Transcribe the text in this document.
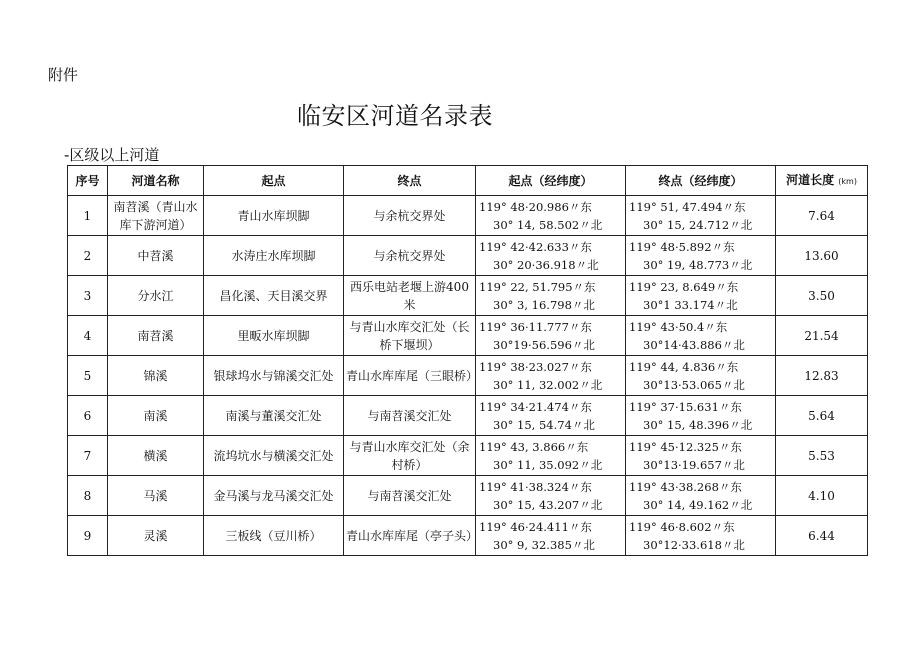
附件
临安区河道名录表
-区级以上河道
序号	河道名称	起点	终点	起点（经纬度）	终点（经纬度）	河道长度 (km)
1	南苕溪（青山水库下游河道）	青山水库坝脚	与余杭交界处	119° 48·20.986〃东
30° 14, 58.502〃北	119° 51, 47.494〃东
30° 15, 24.712〃北	7.64
2	中苕溪	水涛庄水库坝脚	与余杭交界处	119° 42·42.633〃东
30° 20·36.918〃北	119° 48·5.892〃东
30° 19, 48.773〃北	13.60
3	分水江	昌化溪、天目溪交界	西乐电站老堰上游400米	119° 22, 51.795〃东
30° 3, 16.798〃北	119° 23, 8.649〃东
30°1 33.174〃北	3.50
4	南苕溪	里畈水库坝脚	与青山水库交汇处（长桥下堰坝）	119° 36·11.777〃东
30°19·56.596〃北	119° 43·50.4〃东
30°14·43.886〃北	21.54
5	锦溪	银球坞水与锦溪交汇处	青山水库库尾（三眼桥）	119° 38·23.027〃东
30° 11, 32.002〃北	119° 44, 4.836〃东
30°13·53.065〃北	12.83
6	南溪	南溪与董溪交汇处	与南苕溪交汇处	119° 34·21.474〃东
30° 15, 54.74〃北	119° 37·15.631〃东
30° 15, 48.396〃北	5.64
7	横溪	流坞坑水与横溪交汇处	与青山水库交汇处（余村桥）	119° 43, 3.866〃东
30° 11, 35.092〃北	119° 45·12.325〃东
30°13·19.657〃北	5.53
8	马溪	金马溪与龙马溪交汇处	与南苕溪交汇处	119° 41·38.324〃东
30° 15, 43.207〃北	119° 43·38.268〃东
30° 14, 49.162〃北	4.10
9	灵溪	三板线（豆川桥）	青山水库库尾（亭子头）	119° 46·24.411〃东
30° 9, 32.385〃北	119° 46·8.602〃东
30°12·33.618〃北	6.44
